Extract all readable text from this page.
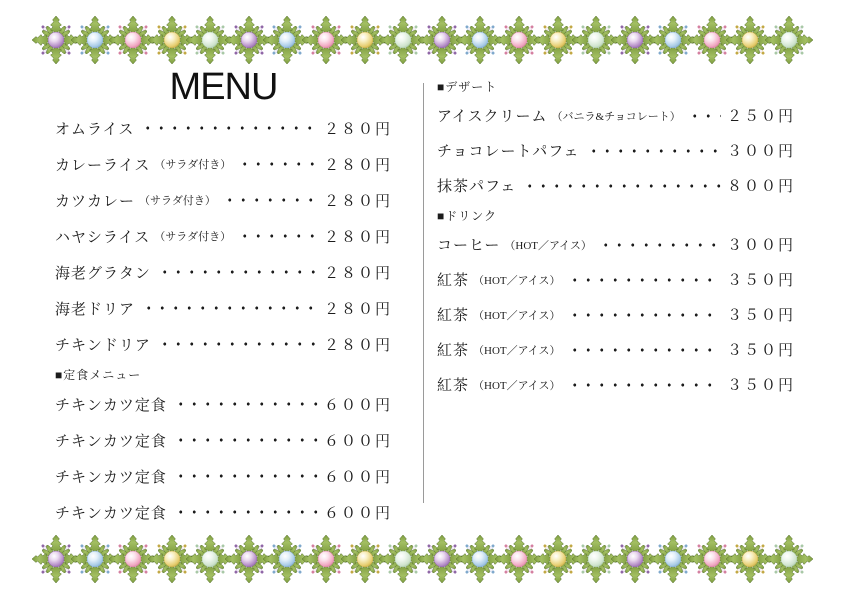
MENU
オムライス	２８０円
カレーライス （サラダ付き）	２８０円
カツカレー （サラダ付き）	２８０円
ハヤシライス （サラダ付き）	２８０円
海老グラタン	２８０円
海老ドリア	２８０円
チキンドリア	２８０円
■定食メニュー
チキンカツ定食	６００円
チキンカツ定食	６００円
チキンカツ定食	６００円
チキンカツ定食	６００円
■デザート
アイスクリーム （バニラ&チョコレート）	２５０円
チョコレートパフェ	３００円
抹茶パフェ	８００円
■ドリンク
コーヒー （HOT／アイス）	３００円
紅茶 （HOT／アイス）	３５０円
紅茶 （HOT／アイス）	３５０円
紅茶 （HOT／アイス）	３５０円
紅茶 （HOT／アイス）	３５０円
